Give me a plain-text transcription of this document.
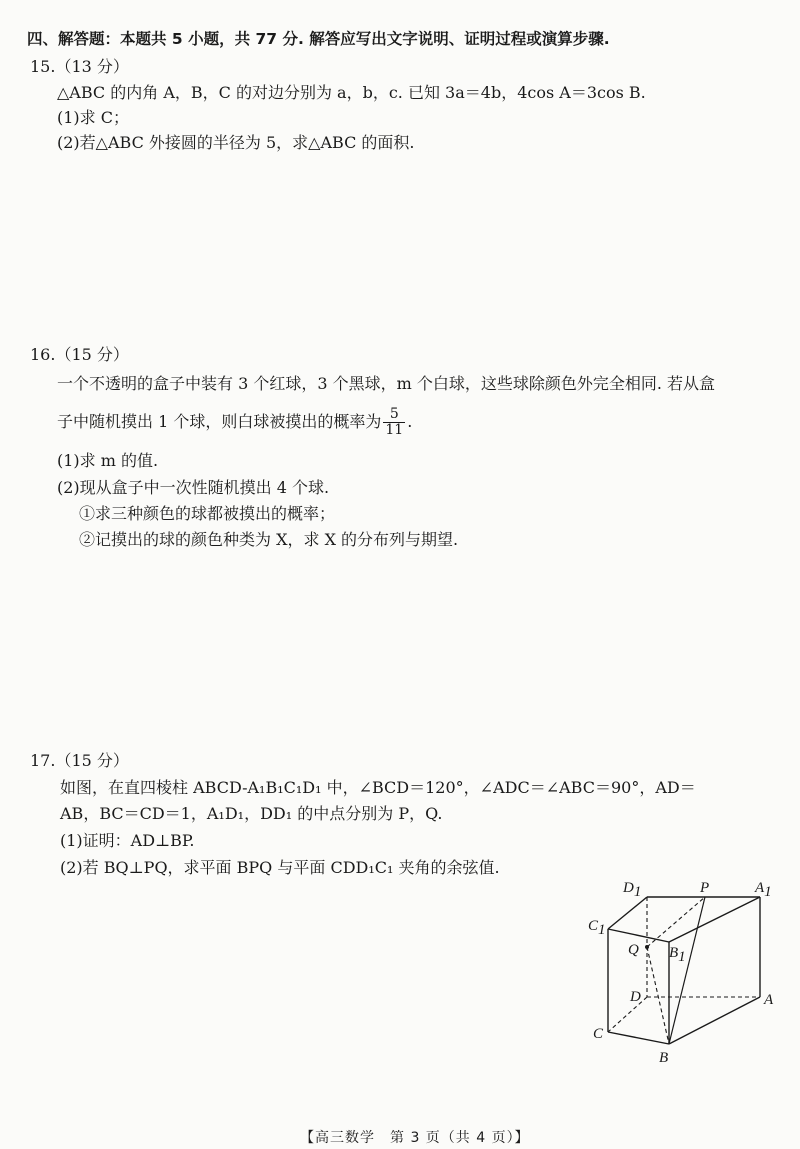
四、解答题：本题共 5 小题，共 77 分. 解答应写出文字说明、证明过程或演算步骤.
15.（13 分）
△ABC 的内角 A，B，C 的对边分别为 a，b，c. 已知 3a＝4b，4cos A＝3cos B.
(1)求 C；
(2)若△ABC 外接圆的半径为 5，求△ABC 的面积.
16.（15 分）
一个不透明的盒子中装有 3 个红球，3 个黑球，m 个白球，这些球除颜色外完全相同. 若从盒
子中随机摸出 1 个球，则白球被摸出的概率为 $\frac{5}{11}$ .
(1)求 m 的值.
(2)现从盒子中一次性随机摸出 4 个球.
①求三种颜色的球都被摸出的概率；
②记摸出的球的颜色种类为 X，求 X 的分布列与期望.
17.（15 分）
如图，在直四棱柱 ABCD-A₁B₁C₁D₁ 中，∠BCD＝120°，∠ADC＝∠ABC＝90°，AD＝
AB，BC＝CD＝1，A₁D₁，DD₁ 的中点分别为 P，Q.
(1)证明：AD⊥BP.
(2)若 BQ⊥PQ，求平面 BPQ 与平面 CDD₁C₁ 夹角的余弦值.
D1	P	A1
C1
Q B1
D	A
C
B
【高三数学　第 3 页（共 4 页）】
